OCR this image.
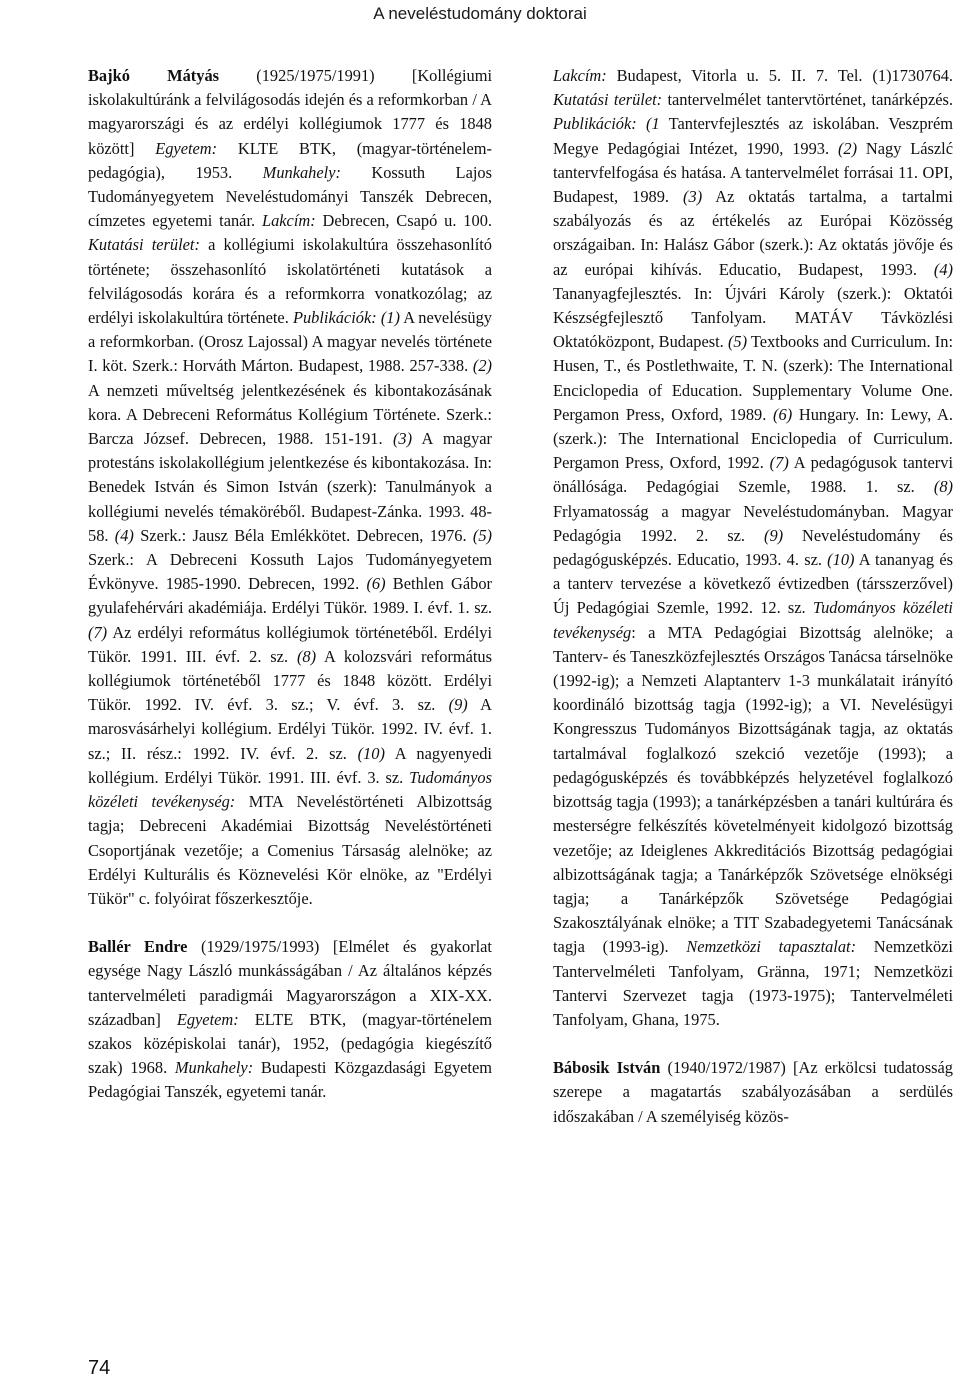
A neveléstudomány doktorai

Bajkó Mátyás (1925/1975/1991) [Kollégiumi iskolakultúránk a felvilágosodás idején és a reformkorban / A magyarországi és az erdélyi kollégiumok 1777 és 1848 között] Egyetem: KLTE BTK, (magyar-történelem-pedagógia), 1953. Munkahely: Kossuth Lajos Tudományegyetem Neveléstudományi Tanszék Debrecen, címzetes egyetemi tanár. Lakcím: Debrecen, Csapó u. 100. Kutatási terület: a kollégiumi iskolakultúra összehasonlító története; összehasonlító iskolatörténeti kutatások a felvilágosodás korára és a reformkorra vonatkozólag; az erdélyi iskolakultúra története. Publikációk: (1) A nevelésügy a reformkorban. (Orosz Lajossal) A magyar nevelés története I. köt. Szerk.: Horváth Márton. Budapest, 1988. 257-338. (2) A nemzeti műveltség jelentkezésének és kibontakozásának kora. A Debreceni Református Kollégium Története. Szerk.: Barcza József. Debrecen, 1988. 151-191. (3) A magyar protestáns iskolakollégium jelentkezése és kibontakozása. In: Benedek István és Simon István (szerk): Tanulmányok a kollégiumi nevelés témaköréből. Budapest-Zánka. 1993. 48-58. (4) Szerk.: Jausz Béla Emlékkötet. Debrecen, 1976. (5) Szerk.: A Debreceni Kossuth Lajos Tudományegyetem Évkönyve. 1985-1990. Debrecen, 1992. (6) Bethlen Gábor gyulafehérvári akadémiája. Erdélyi Tükör. 1989. I. évf. 1. sz. (7) Az erdélyi református kollégiumok történetéből. Erdélyi Tükör. 1991. III. évf. 2. sz. (8) A kolozsvári református kollégiumok történetéből 1777 és 1848 között. Erdélyi Tükör. 1992. IV. évf. 3. sz.; V. évf. 3. sz. (9) A marosvásárhelyi kollégium. Erdélyi Tükör. 1992. IV. évf. 1. sz.; II. rész.: 1992. IV. évf. 2. sz. (10) A nagyenyedi kollégium. Erdélyi Tükör. 1991. III. évf. 3. sz. Tudományos közéleti tevékenység: MTA Neveléstörténeti Albizottság tagja; Debreceni Akadémiai Bizottság Neveléstörténeti Csoportjának vezetője; a Comenius Társaság alelnöke; az Erdélyi Kulturális és Köznevelési Kör elnöke, az "Erdélyi Tükör" c. folyóirat főszerkesztője.

Ballér Endre (1929/1975/1993) [Elmélet és gyakorlat egysége Nagy László munkásságában / Az általános képzés tantervelméleti paradigmái Magyarországon a XIX-XX. században] Egyetem: ELTE BTK, (magyar-történelem szakos középiskolai tanár), 1952, (pedagógia kiegészítő szak) 1968. Munkahely: Budapesti Közgazdasági Egyetem Pedagógiai Tanszék, egyetemi tanár.

Lakcím: Budapest, Vitorla u. 5. II. 7. Tel. (1)1730764. Kutatási terület: tantervelmélet tantervtörténet, tanárképzés. Publikációk: (1 Tantervfejlesztés az iskolában. Veszprém Megye Pedagógiai Intézet, 1990, 1993. (2) Nagy Lászlć tantervfelfogása és hatása. A tantervelmélet forrásai 11. OPI, Budapest, 1989. (3) Az oktatás tartalma, a tartalmi szabályozás és az értékelés az Európai Közösség országaiban. In: Halász Gábor (szerk.): Az oktatás jövője és az európai kihívás. Educatio, Budapest, 1993. (4) Tananyagfejlesztés. In: Újvári Károly (szerk.): Oktatói Készségfejlesztő Tanfolyam. MATÁV Távközlési Oktatóközpont, Budapest. (5) Textbooks and Curriculum. In: Husen, T., és Postlethwaite, T. N. (szerk): The International Enciclopedia of Education. Supplementary Volume One. Pergamon Press, Oxford, 1989. (6) Hungary. In: Lewy, A. (szerk.): The International Enciclopedia of Curriculum. Pergamon Press, Oxford, 1992. (7) A pedagógusok tantervi önállósága. Pedagógiai Szemle, 1988. 1. sz. (8) Frlyamatosság a magyar Neveléstudományban. Magyar Pedagógia 1992. 2. sz. (9) Neveléstudomány és pedagógusképzés. Educatio, 1993. 4. sz. (10) A tananyag és a tanterv tervezése a következő évtizedben (társszerzővel) Új Pedagógiai Szemle, 1992. 12. sz. Tudományos közéleti tevékenység: a MTA Pedagógiai Bizottság alelnöke; a Tanterv- és Taneszközfejlesztés Országos Tanácsa társelnöke (1992-ig); a Nemzeti Alaptanterv 1-3 munkálatait irányító koordináló bizottság tagja (1992-ig); a VI. Nevelésügyi Kongresszus Tudományos Bizottságának tagja, az oktatás tartalmával foglalkozó szekció vezetője (1993); a pedagógusképzés és továbbképzés helyzetével foglalkozó bizottság tagja (1993); a tanárképzésben a tanári kultúrára és mesterségre felkészítés követelményeit kidolgozó bizottság vezetője; az Ideiglenes Akkreditációs Bizottság pedagógiai albizottságának tagja; a Tanárképzők Szövetsége elnökségi tagja; a Tanárképzők Szövetsége Pedagógiai Szakosztályának elnöke; a TIT Szabadegyetemi Tanácsának tagja (1993-ig). Nemzetközi tapasztalat: Nemzetközi Tantervelméleti Tanfolyam, Gränna, 1971; Nemzetközi Tantervi Szervezet tagja (1973-1975); Tantervelméleti Tanfolyam, Ghana, 1975.

Bábosik István (1940/1972/1987) [Az erkölcsi tudatosság szerepe a magatartás szabályozásában a serdülés időszakában / A személyiség közös-

74
